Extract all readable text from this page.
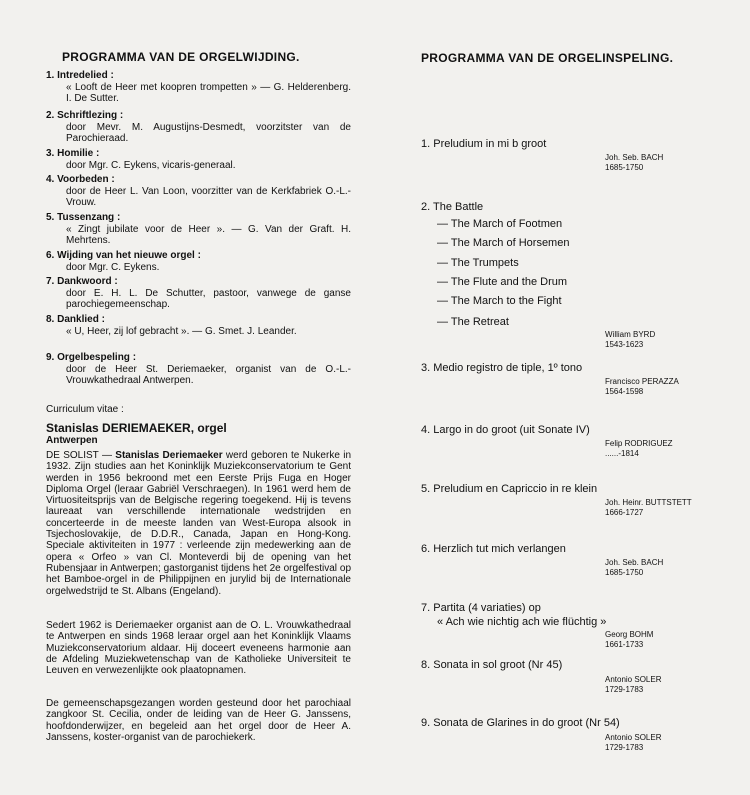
PROGRAMMA VAN DE ORGELWIJDING.
1. Intredelied :
« Looft de Heer met koopren trompetten » — G. Helderenberg. I. De Sutter.
2. Schriftlezing :
door Mevr. M. Augustijns-Desmedt, voorzitster van de Parochieraad.
3. Homilie :
door Mgr. C. Eykens, vicaris-generaal.
4. Voorbeden :
door de Heer L. Van Loon, voorzitter van de Kerkfabriek O.-L.-Vrouw.
5. Tussenzang :
« Zingt jubilate voor de Heer ». — G. Van der Graft. H. Mehrtens.
6. Wijding van het nieuwe orgel :
door Mgr. C. Eykens.
7. Dankwoord :
door E. H. L. De Schutter, pastoor, vanwege de ganse parochiegemeenschap.
8. Danklied :
« U, Heer, zij lof gebracht ». — G. Smet. J. Leander.
9. Orgelbespeling :
door de Heer St. Deriemaeker, organist van de O.-L.-Vrouwkathedraal Antwerpen.
Curriculum vitae :
Stanislas DERIEMAEKER, orgel
Antwerpen
DE SOLIST — Stanislas Deriemaeker werd geboren te Nukerke in 1932. Zijn studies aan het Koninklijk Muziekconservatorium te Gent werden in 1956 bekroond met een Eerste Prijs Fuga en Hoger Diploma Orgel (leraar Gabriël Verschraegen). In 1961 werd hem de Virtuositeitsprijs van de Belgische regering toegekend. Hij is tevens laureaat van verschillende internationale wedstrijden en concerteerde in de meeste landen van West-Europa alsook in Tsjechoslovakije, de D.D.R., Canada, Japan en Hong-Kong. Speciale aktiviteiten in 1977 : verleende zijn medewerking aan de opera « Orfeo » van Cl. Monteverdi bij de opening van het Rubensjaar in Antwerpen; gastorganist tijdens het 2e orgelfestival op het Bamboe-orgel in de Philippijnen en jurylid bij de Internationale orgelwedstrijd te St. Albans (Engeland).
Sedert 1962 is Deriemaeker organist aan de O. L. Vrouwkathedraal te Antwerpen en sinds 1968 leraar orgel aan het Koninklijk Vlaams Muziekconservatorium aldaar. Hij doceert eveneens harmonie aan de Afdeling Muziekwetenschap van de Katholieke Universiteit te Leuven en verwezenlijkte ook plaatopnamen.
De gemeenschapsgezangen worden gesteund door het parochiaal zangkoor St. Cecilia, onder de leiding van de Heer G. Janssens, hoofdonderwijzer, en begeleid aan het orgel door de Heer A. Janssens, koster-organist van de parochiekerk.
PROGRAMMA VAN DE ORGELINSPELING.
1. Preludium in mi b groot
Joh. Seb. BACH
1685-1750
2. The Battle
— The March of Footmen
— The March of Horsemen
— The Trumpets
— The Flute and the Drum
— The March to the Fight
— The Retreat
William BYRD
1543-1623
3. Medio registro de tiple, 1º tono
Francisco PERAZZA
1564-1598
4. Largo in do groot (uit Sonate IV)
Felip RODRIGUEZ
......-1814
5. Preludium en Capriccio in re klein
Joh. Heinr. BUTTSTETT
1666-1727
6. Herzlich tut mich verlangen
Joh. Seb. BACH
1685-1750
7. Partita (4 variaties) op
« Ach wie nichtig ach wie flüchtig »
Georg BOHM
1661-1733
8. Sonata in sol groot (Nr 45)
Antonio SOLER
1729-1783
9. Sonata de Glarines in do groot (Nr 54)
Antonio SOLER
1729-1783
